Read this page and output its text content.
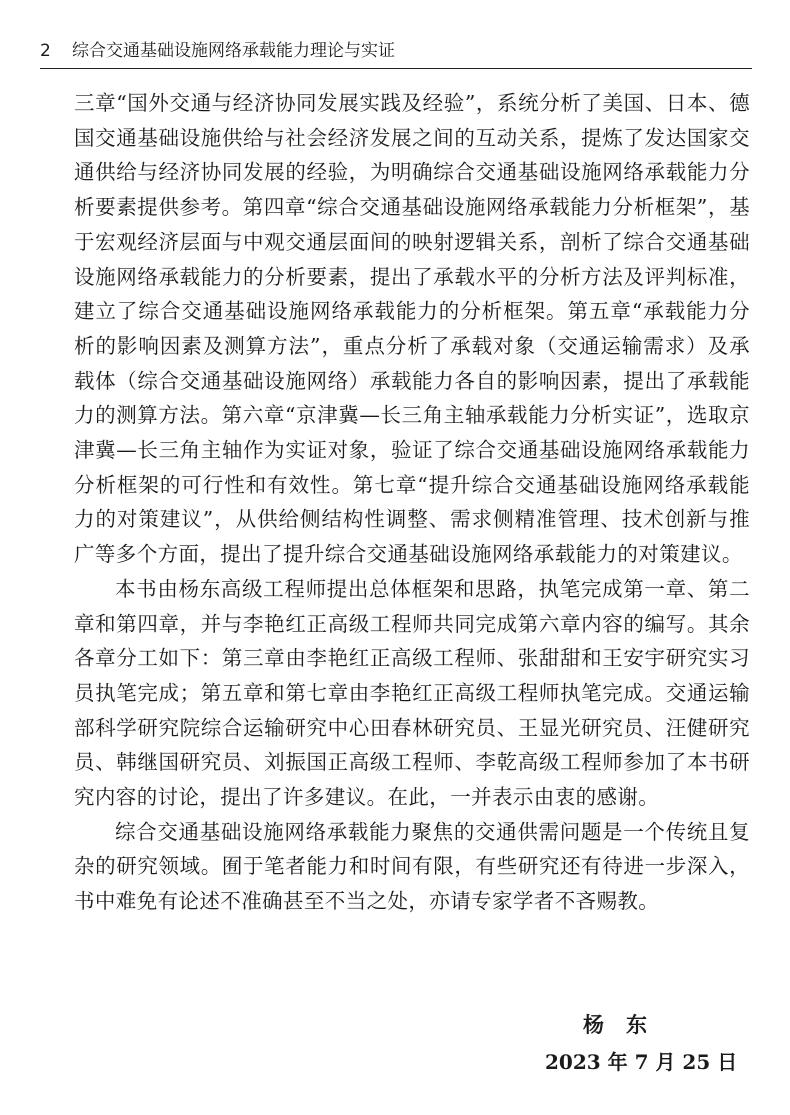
2 综合交通基础设施网络承载能力理论与实证

三章“国外交通与经济协同发展实践及经验”，系统分析了美国、日本、德国交通基础设施供给与社会经济发展之间的互动关系，提炼了发达国家交通供给与经济协同发展的经验，为明确综合交通基础设施网络承载能力分析要素提供参考。第四章“综合交通基础设施网络承载能力分析框架”，基于宏观经济层面与中观交通层面间的映射逻辑关系，剖析了综合交通基础设施网络承载能力的分析要素，提出了承载水平的分析方法及评判标准，建立了综合交通基础设施网络承载能力的分析框架。第五章“承载能力分析的影响因素及测算方法”，重点分析了承载对象（交通运输需求）及承载体（综合交通基础设施网络）承载能力各自的影响因素，提出了承载能力的测算方法。第六章“京津冀—长三角主轴承载能力分析实证”，选取京津冀—长三角主轴作为实证对象，验证了综合交通基础设施网络承载能力分析框架的可行性和有效性。第七章“提升综合交通基础设施网络承载能力的对策建议”，从供给侧结构性调整、需求侧精准管理、技术创新与推广等多个方面，提出了提升综合交通基础设施网络承载能力的对策建议。

本书由杨东高级工程师提出总体框架和思路，执笔完成第一章、第二章和第四章，并与李艳红正高级工程师共同完成第六章内容的编写。其余各章分工如下：第三章由李艳红正高级工程师、张甜甜和王安宇研究实习员执笔完成；第五章和第七章由李艳红正高级工程师执笔完成。交通运输部科学研究院综合运输研究中心田春林研究员、王显光研究员、汪健研究员、韩继国研究员、刘振国正高级工程师、李乾高级工程师参加了本书研究内容的讨论，提出了许多建议。在此，一并表示由衷的感谢。

综合交通基础设施网络承载能力聚焦的交通供需问题是一个传统且复杂的研究领域。囿于笔者能力和时间有限，有些研究还有待进一步深入，书中难免有论述不准确甚至不当之处，亦请专家学者不吝赐教。

杨东
2023 年 7 月 25 日
